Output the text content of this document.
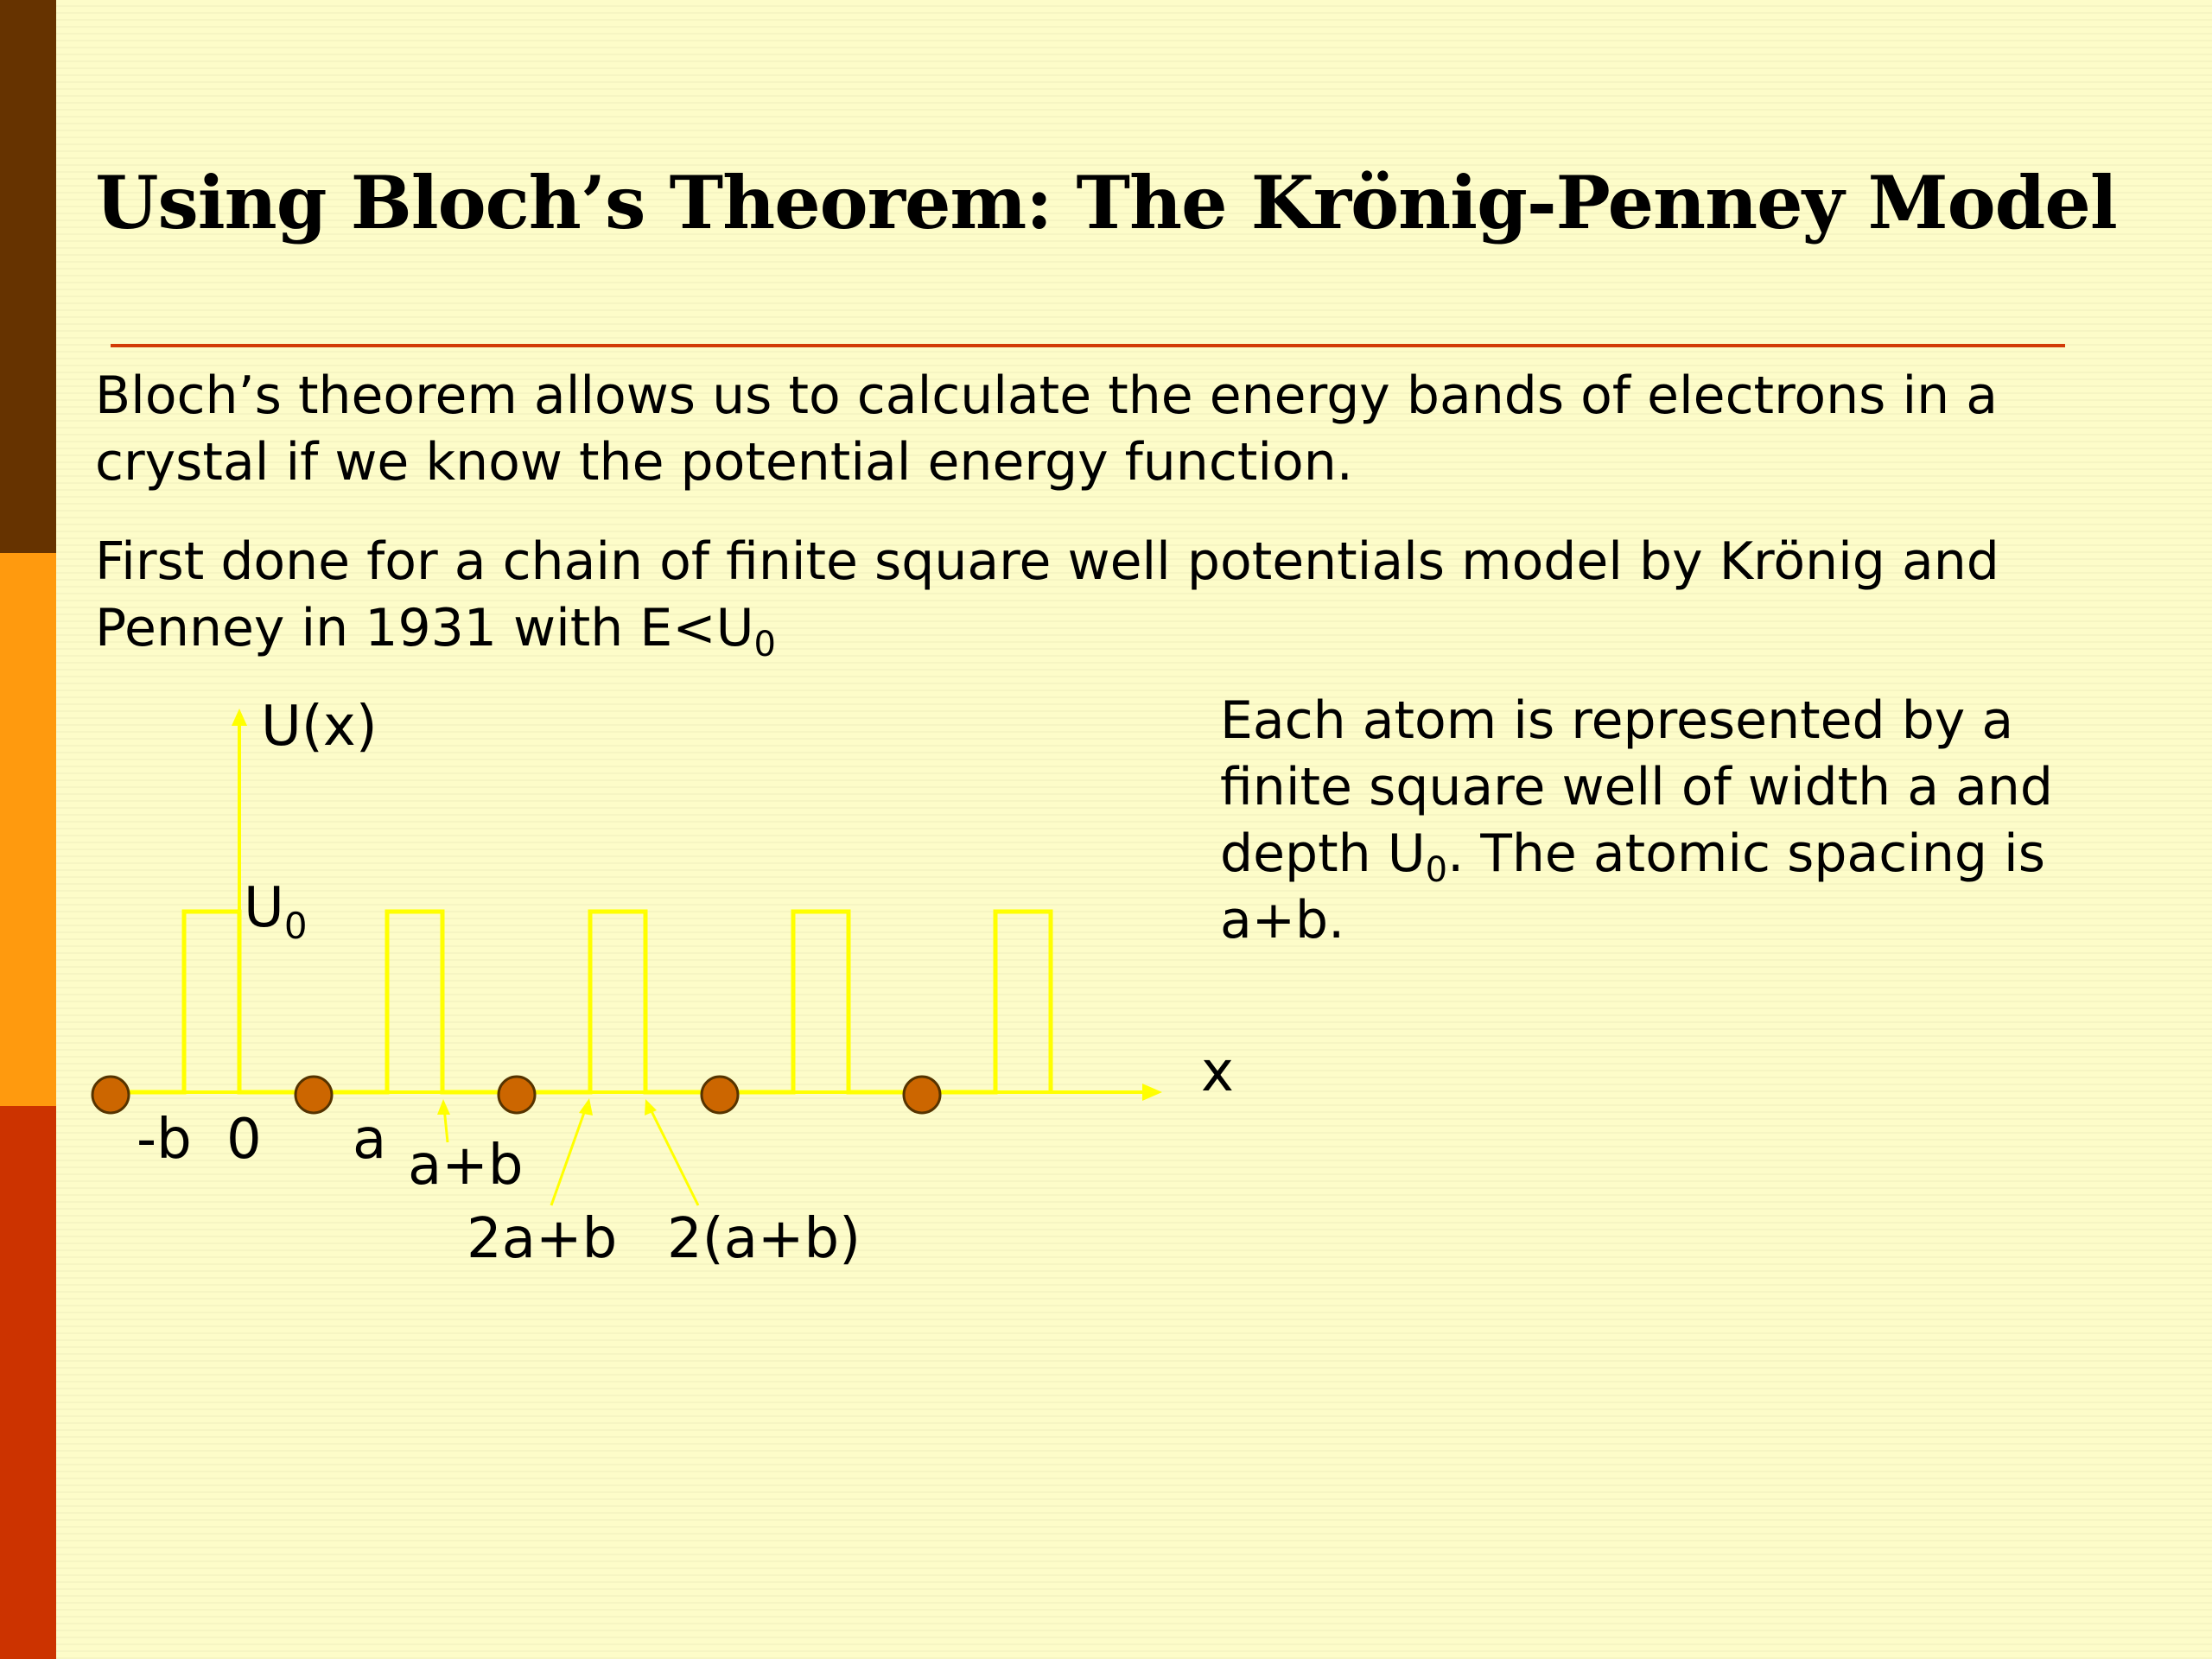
Using Bloch’s Theorem: The Krönig-Penney Model
Bloch’s theorem allows us to calculate the energy bands of electrons in a crystal if we know the potential energy function.
First done for a chain of finite square well potentials model by Krönig and Penney in 1931 with $E<U_0$
Each atom is represented by a finite square well of width a and depth $U_0$. The atomic spacing is a+b.
U(x)
$U_0$
x
-b 0 a a+b
2a+b 2(a+b)
